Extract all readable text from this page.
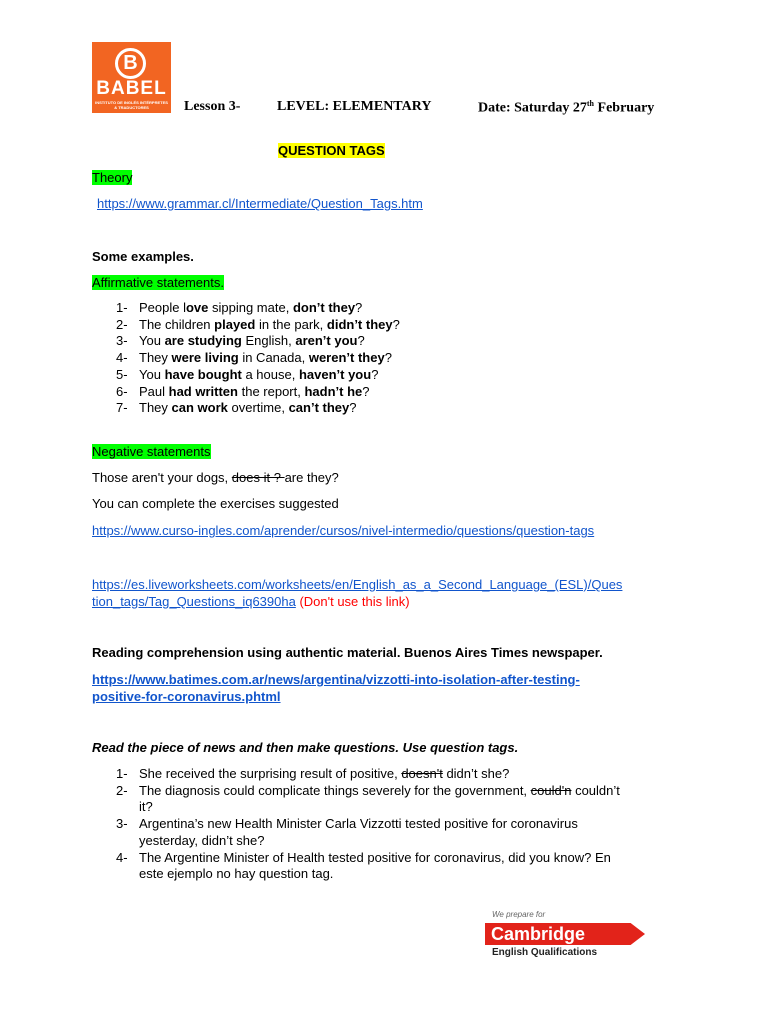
B
BABEL
INSTITUTO DE INGLÉS INTÉRPRETES & TRADUCTORES	Lesson 3-	LEVEL: ELEMENTARY	Date: Saturday 27th February
QUESTION TAGS
Theory
https://www.grammar.cl/Intermediate/Question_Tags.htm
Some examples.
Affirmative statements.
1- People love sipping mate, don’t they?
2- The children played in the park, didn’t they?
3- You are studying English, aren’t you?
4- They were living in Canada, weren’t they?
5- You have bought a house, haven’t you?
6- Paul had written the report, hadn’t he?
7- They can work overtime, can’t they?
Negative statements
Those aren't your dogs, does it ? are they?
You can complete the exercises suggested
https://www.curso-ingles.com/aprender/cursos/nivel-intermedio/questions/question-tags
https://es.liveworksheets.com/worksheets/en/English_as_a_Second_Language_(ESL)/Ques
tion_tags/Tag_Questions_iq6390ha (Don't use this link)
Reading comprehension using authentic material. Buenos Aires Times newspaper.
https://www.batimes.com.ar/news/argentina/vizzotti-into-isolation-after-testing-
positive-for-coronavirus.phtml
Read the piece of news and then make questions. Use question tags.
1- She received the surprising result of positive, doesn't didn’t she?
2- The diagnosis could complicate things severely for the government, could'n couldn’t
it?
3- Argentina’s new Health Minister Carla Vizzotti tested positive for coronavirus
yesterday, didn’t she?
4- The Argentine Minister of Health tested positive for coronavirus, did you know? En
este ejemplo no hay question tag.
We prepare for
Cambridge
English Qualifications
